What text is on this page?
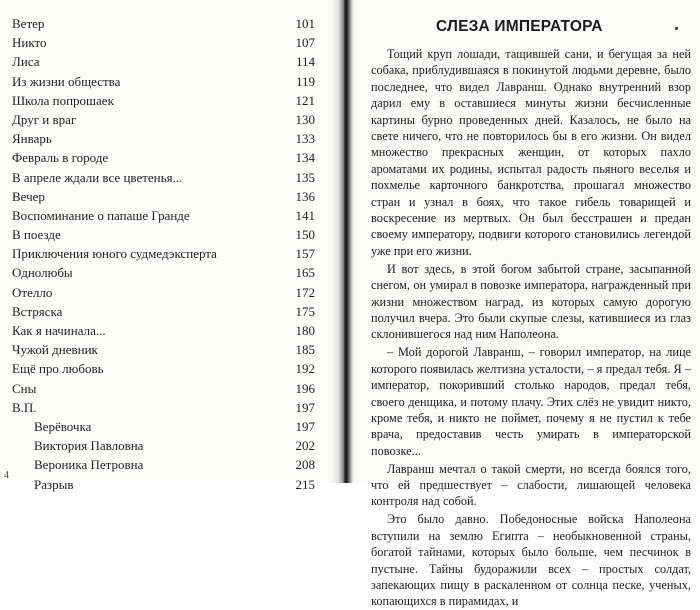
Ветер	101
Никто	107
Лиса	114
Из жизни общества	119
Школа попрошаек	121
Друг и враг	130
Январь	133
Февраль в городе	134
В апреле ждали все цветенья...	135
Вечер	136
Воспоминание о папаше Гранде	141
В поезде	150
Приключения юного судмедэксперта	157
Однолюбы	165
Отелло	172
Встряска	175
Как я начинала...	180
Чужой дневник	185
Ещё про любовь	192
Сны	196
В.П.	197
Верёвочка	197
Виктория Павловна	202
Вероника Петровна	208
Разрыв	215
4
СЛЕЗА ИМПЕРАТОРА

Тощий круп лошади, тащившей сани, и бегущая за ней собака, приблудившаяся в покинутой людьми деревне, было последнее, что видел Лавранш. Однако внутренний взор дарил ему в оставшиеся минуты жизни бесчисленные картины бурно проведенных дней. Казалось, не было на свете ничего, что не повторилось бы в его жизни. Он видел множество прекрасных женщин, от которых пахло ароматами их родины, испытал радость пьяного веселья и похмелье карточного банкротства, прошагал множество стран и узнал в боях, что такое гибель товарищей и воскресение из мертвых. Он был бесстрашен и предан своему императору, подвиги которого становились легендой уже при его жизни.

И вот здесь, в этой богом забытой стране, засыпанной снегом, он умирал в повозке императора, награжденный при жизни множеством наград, из которых самую дорогую получил вчера. Это были скупые слезы, катившиеся из глаз склонившегося над ним Наполеона.

– Мой дорогой Лавранш, – говорил император, на лице которого появилась желтизна усталости, – я предал тебя. Я – император, покоривший столько народов, предал тебя, своего денщика, и потому плачу. Этих слёз не увидит никто, кроме тебя, и никто не поймет, почему я не пустил к тебе врача, предоставив честь умирать в императорской повозке...

Лавранш мечтал о такой смерти, но всегда боялся того, что ей предшествует – слабости, лишающей человека контроля над собой.

Это было давно. Победоносные войска Наполеона вступили на землю Египта – необыкновенной страны, богатой тайнами, которых было больше, чем песчинок в пустыне. Тайны будоражили всех – простых солдат, запекающих пищу в раскаленном от солнца песке, ученых, копающихся в пирамидах, и
